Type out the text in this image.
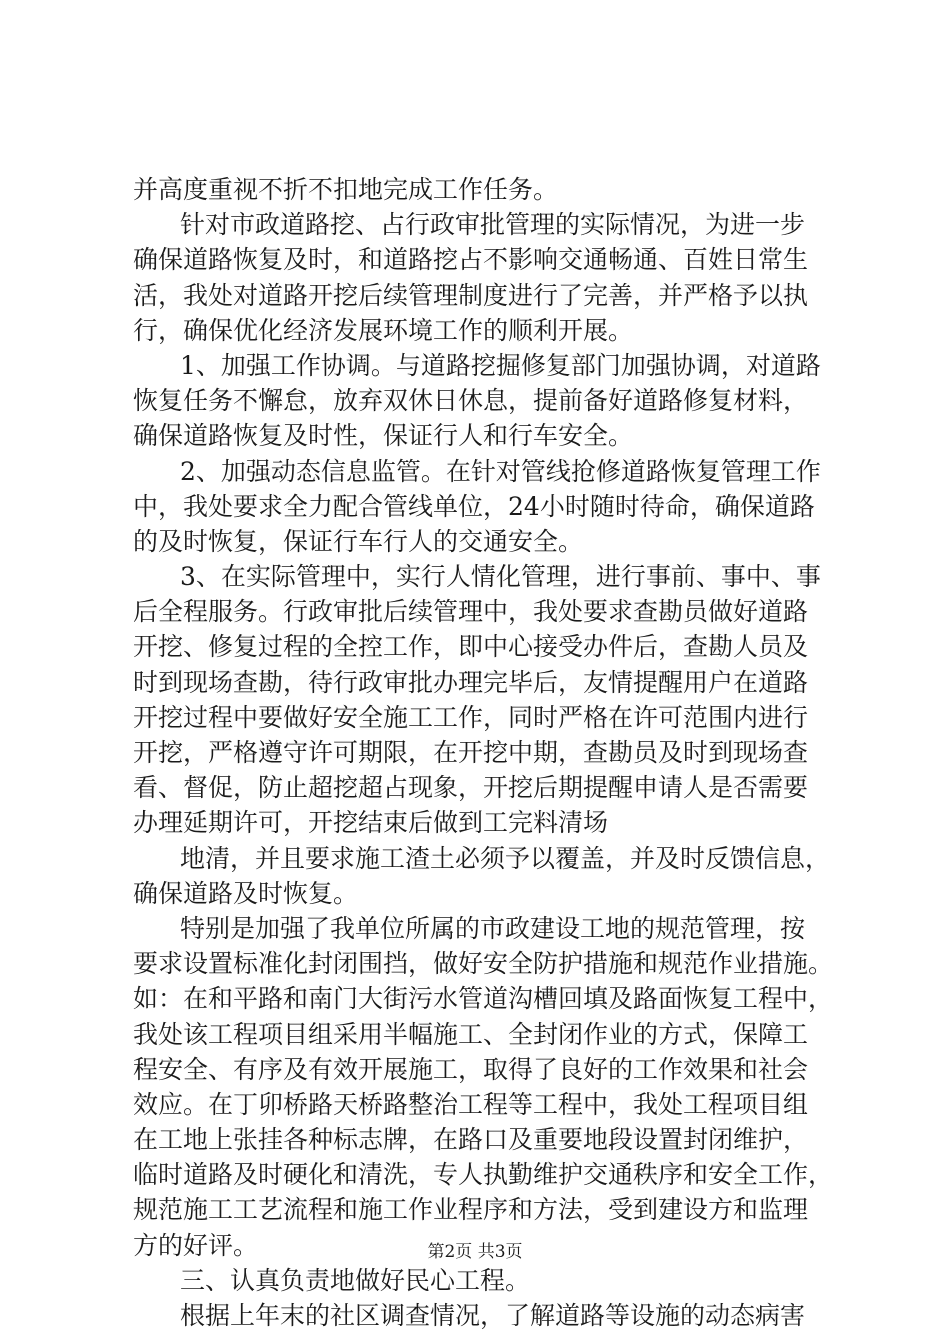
并高度重视不折不扣地完成工作任务。
针对市政道路挖、占行政审批管理的实际情况，为进一步
确保道路恢复及时，和道路挖占不影响交通畅通、百姓日常生
活，我处对道路开挖后续管理制度进行了完善，并严格予以执
行，确保优化经济发展环境工作的顺利开展。
1、加强工作协调。与道路挖掘修复部门加强协调，对道路
恢复任务不懈怠，放弃双休日休息，提前备好道路修复材料，
确保道路恢复及时性，保证行人和行车安全。
2、加强动态信息监管。在针对管线抢修道路恢复管理工作
中，我处要求全力配合管线单位，24小时随时待命，确保道路
的及时恢复，保证行车行人的交通安全。
3、在实际管理中，实行人情化管理，进行事前、事中、事
后全程服务。行政审批后续管理中，我处要求查勘员做好道路
开挖、修复过程的全控工作，即中心接受办件后，查勘人员及
时到现场查勘，待行政审批办理完毕后，友情提醒用户在道路
开挖过程中要做好安全施工工作，同时严格在许可范围内进行
开挖，严格遵守许可期限，在开挖中期，查勘员及时到现场查
看、督促，防止超挖超占现象，开挖后期提醒申请人是否需要
办理延期许可，开挖结束后做到工完料清场
地清，并且要求施工渣土必须予以覆盖，并及时反馈信息，
确保道路及时恢复。
特别是加强了我单位所属的市政建设工地的规范管理，按
要求设置标准化封闭围挡，做好安全防护措施和规范作业措施。
如：在和平路和南门大街污水管道沟槽回填及路面恢复工程中，
我处该工程项目组采用半幅施工、全封闭作业的方式，保障工
程安全、有序及有效开展施工，取得了良好的工作效果和社会
效应。在丁卯桥路天桥路整治工程等工程中，我处工程项目组
在工地上张挂各种标志牌，在路口及重要地段设置封闭维护，
临时道路及时硬化和清洗，专人执勤维护交通秩序和安全工作，
规范施工工艺流程和施工作业程序和方法，受到建设方和监理
方的好评。
三、认真负责地做好民心工程。
根据上年末的社区调查情况，了解道路等设施的动态病害
第2页 共3页
